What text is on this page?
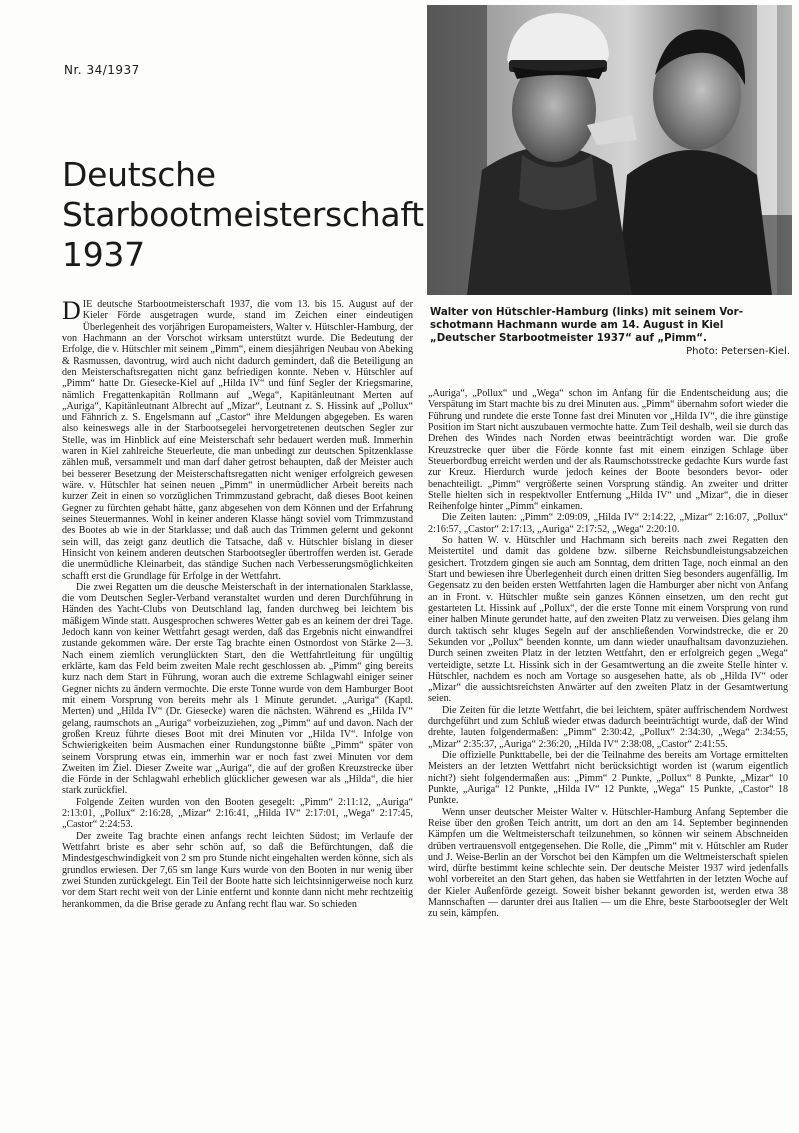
Nr. 34/1937
Deutsche
Starbootmeisterschaft
1937

Walter von Hütschler-Hamburg (links) mit seinem Vor-
schotmann Hachmann wurde am 14. August in Kiel
„Deutscher Starbootmeister 1937“ auf „Pimm“.
Photo: Petersen-Kiel.

DIE deutsche Starbootmeisterschaft 1937, die vom 13. bis 15. August auf der Kieler Förde ausgetragen wurde, stand im Zeichen einer eindeutigen Überlegenheit des vorjährigen Europameisters, Walter v. Hütschler-Hamburg, der von Hachmann an der Vorschot wirksam unterstützt wurde. Die Bedeutung der Erfolge, die v. Hütschler mit seinem „Pimm“, einem diesjährigen Neubau von Abeking & Rasmussen, davontrug, wird auch nicht dadurch gemindert, daß die Beteiligung an den Meisterschaftsregatten nicht ganz befriedigen konnte. Neben v. Hütschler auf „Pimm“ hatte Dr. Giesecke-Kiel auf „Hilda IV“ und fünf Segler der Kriegsmarine, nämlich Fregattenkapitän Rollmann auf „Wega“, Kapitänleutnant Merten auf „Auriga“, Kapitänleutnant Albrecht auf „Mizar“, Leutnant z. S. Hissink auf „Pollux“ und Fähnrich z. S. Engelsmann auf „Castor“ ihre Meldungen abgegeben. Es waren also keineswegs alle in der Starbootsegelei hervorgetretenen deutschen Segler zur Stelle, was im Hinblick auf eine Meisterschaft sehr bedauert werden muß. Immerhin waren in Kiel zahlreiche Steuerleute, die man unbedingt zur deutschen Spitzenklasse zählen muß, versammelt und man darf daher getrost behaupten, daß der Meister auch bei besserer Besetzung der Meisterschaftsregatten nicht weniger erfolgreich gewesen wäre. v. Hütschler hat seinen neuen „Pimm“ in unermüdlicher Arbeit bereits nach kurzer Zeit in einen so vorzüglichen Trimmzustand gebracht, daß dieses Boot keinen Gegner zu fürchten gehabt hätte, ganz abgesehen von dem Können und der Erfahrung seines Steuermannes. Wohl in keiner anderen Klasse hängt soviel vom Trimmzustand des Bootes ab wie in der Starklasse; und daß auch das Trimmen gelernt und gekonnt sein will, das zeigt ganz deutlich die Tatsache, daß v. Hütschler bislang in dieser Hinsicht von keinem anderen deutschen Starbootsegler übertroffen werden ist. Gerade die unermüdliche Kleinarbeit, das ständige Suchen nach Verbesserungsmöglichkeiten schafft erst die Grundlage für Erfolge in der Wettfahrt.

Die zwei Regatten um die deusche Meisterschaft in der internationalen Starklasse, die vom Deutschen Segler-Verband veranstaltet wurden und deren Durchführung in Händen des Yacht-Clubs von Deutschland lag, fanden durchweg bei leichtem bis mäßigem Winde statt. Ausgesprochen schweres Wetter gab es an keinem der drei Tage. Jedoch kann von keiner Wettfahrt gesagt werden, daß das Ergebnis nicht einwandfrei zustande gekommen wäre. Der erste Tag brachte einen Ostnordost von Stärke 2—3. Nach einem ziemlich verunglückten Start, den die Wettfahrtleitung für ungültig erklärte, kam das Feld beim zweiten Male recht geschlossen ab. „Pimm“ ging bereits kurz nach dem Start in Führung, woran auch die extreme Schlagwahl einiger seiner Gegner nichts zu ändern vermochte. Die erste Tonne wurde von dem Hamburger Boot mit einem Vorsprung von bereits mehr als 1 Minute gerundet. „Auriga“ (Kaptl. Merten) und „Hilda IV“ (Dr. Giesecke) waren die nächsten. Während es „Hilda IV“ gelang, raumschots an „Auriga“ vorbeizuziehen, zog „Pimm“ auf und davon. Nach der großen Kreuz führte dieses Boot mit drei Minuten vor „Hilda IV“. Infolge von Schwierigkeiten beim Ausmachen einer Rundungstonne büßte „Pimm“ später von seinem Vorsprung etwas ein, immerhin war er noch fast zwei Minuten vor dem Zweiten im Ziel. Dieser Zweite war „Auriga“, die auf der großen Kreuzstrecke über die Förde in der Schlagwahl erheblich glücklicher gewesen war als „Hilda“, die hier stark zurückfiel.

Folgende Zeiten wurden von den Booten gesegelt: „Pimm“ 2:11:12, „Auriga“ 2:13:01, „Pollux“ 2:16:28, „Mizar“ 2:16:41, „Hilda IV“ 2:17:01, „Wega“ 2:17:45, „Castor“ 2:24:53.

Der zweite Tag brachte einen anfangs recht leichten Südost; im Verlaufe der Wettfahrt briste es aber sehr schön auf, so daß die Befürchtungen, daß die Mindestgeschwindigkeit von 2 sm pro Stunde nicht eingehalten werden könne, sich als grundlos erwiesen. Der 7,65 sm lange Kurs wurde von den Booten in nur wenig über zwei Stunden zurückgelegt. Ein Teil der Boote hatte sich leichtsinnigerweise noch kurz vor dem Start recht weit von der Linie entfernt und konnte dann nicht mehr rechtzeitig herankommen, da die Brise gerade zu Anfang recht flau war. So schieden

„Auriga“, „Pollux“ und „Wega“ schon im Anfang für die Endentscheidung aus; die Verspätung im Start machte bis zu drei Minuten aus. „Pimm“ übernahm sofort wieder die Führung und rundete die erste Tonne fast drei Minuten vor „Hilda IV“, die ihre günstige Position im Start nicht auszubauen vermochte hatte. Zum Teil deshalb, weil sie durch das Drehen des Windes nach Norden etwas beeinträchtigt worden war. Die große Kreuzstrecke quer über die Förde konnte fast mit einem einzigen Schlage über Steuerbordbug erreicht werden und der als Raumschotsstrecke gedachte Kurs wurde fast zur Kreuz. Hierdurch wurde jedoch keines der Boote besonders bevor- oder benachteiligt. „Pimm“ vergrößerte seinen Vorsprung ständig. An zweiter und dritter Stelle hielten sich in respektvoller Entfernung „Hilda IV“ und „Mizar“, die in dieser Reihenfolge hinter „Pimm“ einkamen.

Die Zeiten lauten: „Pimm“ 2:09:09, „Hilda IV“ 2:14:22, „Mizar“ 2:16:07, „Pollux“ 2:16:57, „Castor“ 2:17:13, „Auriga“ 2:17:52, „Wega“ 2:20:10.

So hatten W. v. Hütschler und Hachmann sich bereits nach zwei Regatten den Meistertitel und damit das goldene bzw. silberne Reichsbundleistungsabzeichen gesichert. Trotzdem gingen sie auch am Sonntag, dem dritten Tage, noch einmal an den Start und bewiesen ihre Überlegenheit durch einen dritten Sieg besonders augenfällig. Im Gegensatz zu den beiden ersten Wettfahrten lagen die Hamburger aber nicht von Anfang an in Front. v. Hütschler mußte sein ganzes Können einsetzen, um den recht gut gestarteten Lt. Hissink auf „Pollux“, der die erste Tonne mit einem Vorsprung von rund einer halben Minute gerundet hatte, auf den zweiten Platz zu verweisen. Dies gelang ihm durch taktisch sehr kluges Segeln auf der anschließenden Vorwindstrecke, die er 20 Sekunden vor „Pollux“ beenden konnte, um dann wieder unaufhaltsam davonzuziehen. Durch seinen zweiten Platz in der letzten Wettfahrt, den er erfolgreich gegen „Wega“ verteidigte, setzte Lt. Hissink sich in der Gesamtwertung an die zweite Stelle hinter v. Hütschler, nachdem es noch am Vortage so ausgesehen hatte, als ob „Hilda IV“ oder „Mizar“ die aussichtsreichsten Anwärter auf den zweiten Platz in der Gesamtwertung seien.

Die Zeiten für die letzte Wettfahrt, die bei leichtem, später auffrischendem Nordwest durchgeführt und zum Schluß wieder etwas dadurch beeinträchtigt wurde, daß der Wind drehte, lauten folgendermaßen: „Pimm“ 2:30:42, „Pollux“ 2:34:30, „Wega“ 2:34:55, „Mizar“ 2:35:37, „Auriga“ 2:36:20, „Hilda IV“ 2:38:08, „Castor“ 2:41:55.

Die offizielle Punkttabelle, bei der die Teilnahme des bereits am Vortage ermittelten Meisters an der letzten Wettfahrt nicht berücksichtigt worden ist (warum eigentlich nicht?) sieht folgendermaßen aus: „Pimm“ 2 Punkte, „Pollux“ 8 Punkte, „Mizar“ 10 Punkte, „Auriga“ 12 Punkte, „Hilda IV“ 12 Punkte, „Wega“ 15 Punkte, „Castor“ 18 Punkte.

Wenn unser deutscher Meister Walter v. Hütschler-Hamburg Anfang September die Reise über den großen Teich antritt, um dort an den am 14. September beginnenden Kämpfen um die Weltmeisterschaft teilzunehmen, so können wir seinem Abschneiden drüben vertrauensvoll entgegensehen. Die Rolle, die „Pimm“ mit v. Hütschler am Ruder und J. Weise-Berlin an der Vorschot bei den Kämpfen um die Weltmeisterschaft spielen wird, dürfte bestimmt keine schlechte sein. Der deutsche Meister 1937 wird jedenfalls wohl vorbereitet an den Start gehen, das haben sie Wettfahrten in der letzten Woche auf der Kieler Außenförde gezeigt. Soweit bisher bekannt geworden ist, werden etwa 38 Mannschaften — darunter drei aus Italien — um die Ehre, beste Starbootsegler der Welt zu sein, kämpfen.
